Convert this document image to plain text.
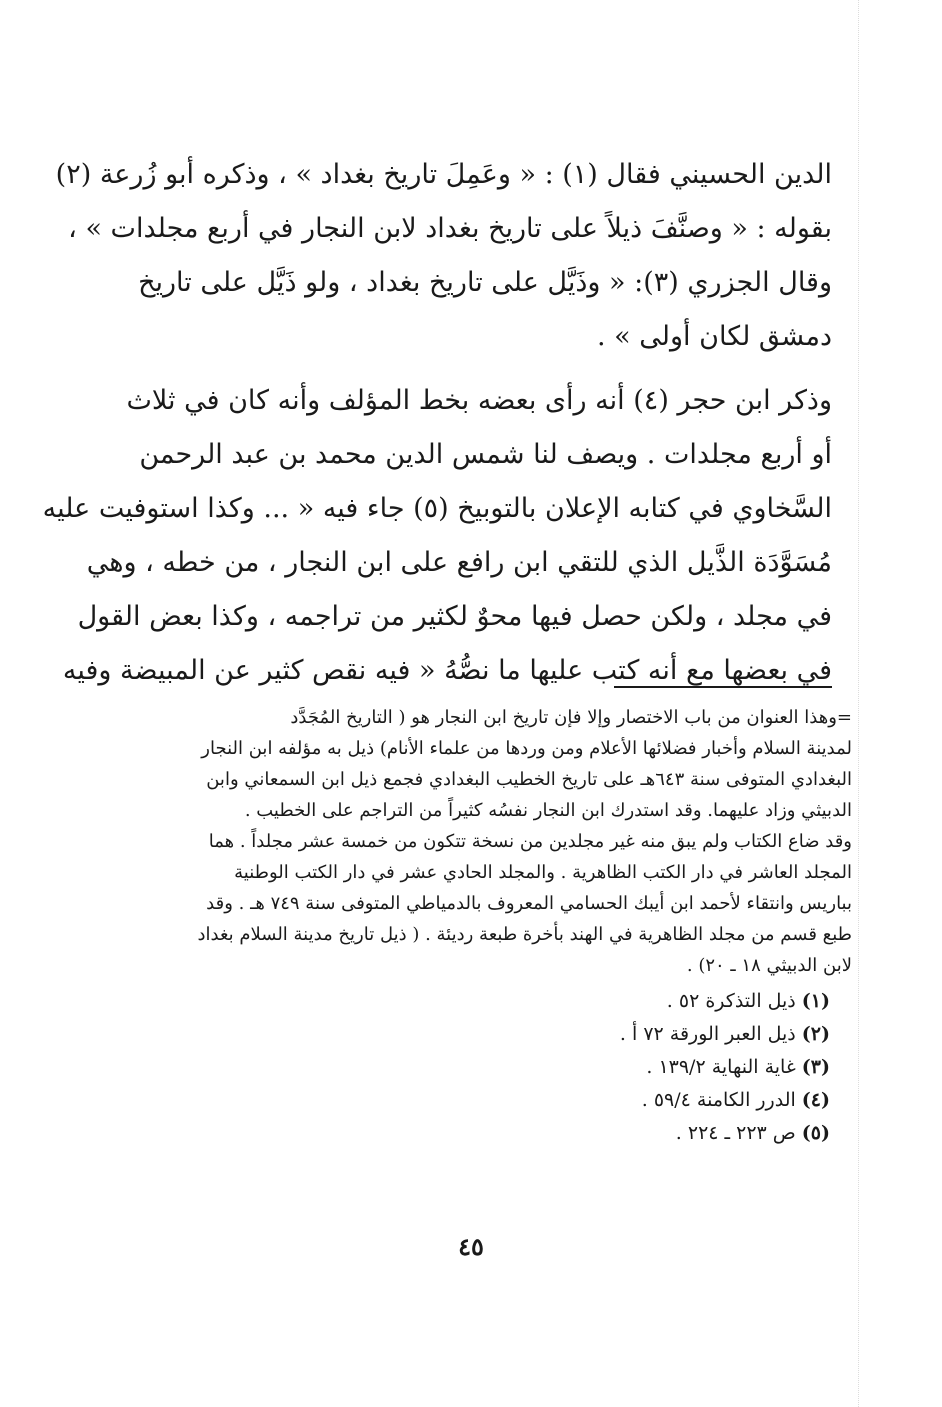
الدين الحسيني فقال (١) : « وعَمِلَ تاريخ بغداد » ، وذكره أبو زُرعة (٢)
بقوله : « وصنَّفَ ذيلاً على تاريخ بغداد لابن النجار في أربع مجلدات » ،
وقال الجزري (٣): « وذَيَّل على تاريخ بغداد ، ولو ذَيَّل على تاريخ
دمشق لكان أولى » .

وذكر ابن حجر (٤) أنه رأى بعضه بخط المؤلف وأنه كان في ثلاث
أو أربع مجلدات . ويصف لنا شمس الدين محمد بن عبد الرحمن
السَّخاوي في كتابه الإعلان بالتوبيخ (٥) جاء فيه « ... وكذا استوفيت عليه
مُسَوَّدَة الذَّيل الذي للتقي ابن رافع على ابن النجار ، من خطه ، وهي
في مجلد ، ولكن حصل فيها محوٌ لكثير من تراجمه ، وكذا بعض القول
في بعضها مع أنه كتب عليها ما نصُّهُ « فيه نقص كثير عن المبيضة وفيه

=وهذا العنوان من باب الاختصار وإلا فإن تاريخ ابن النجار هو ( التاريخ المُجَدَّد
لمدينة السلام وأخبار فضلائها الأعلام ومن وردها من علماء الأنام) ذيل به مؤلفه ابن النجار
البغدادي المتوفى سنة ٦٤٣هـ على تاريخ الخطيب البغدادي فجمع ذيل ابن السمعاني وابن
الدبيثي وزاد عليهما. وقد استدرك ابن النجار نفسُه كثيراً من التراجم على الخطيب .
وقد ضاع الكتاب ولم يبق منه غير مجلدين من نسخة تتكون من خمسة عشر مجلداً . هما
المجلد العاشر في دار الكتب الظاهرية . والمجلد الحادي عشر في دار الكتب الوطنية
بباريس وانتقاء لأحمد ابن أيبك الحسامي المعروف بالدمياطي المتوفى سنة ٧٤٩ هـ . وقد
طبع قسم من مجلد الظاهرية في الهند بأخرة طبعة رديئة . ( ذيل تاريخ مدينة السلام بغداد
لابن الدبيثي ١٨ ـ ٢٠) .
(١)ذيل التذكرة ٥٢ .
(٢)ذيل العبر الورقة ٧٢ أ .
(٣)غاية النهاية ١٣٩/٢ .
(٤)الدرر الكامنة ٥٩/٤ .
(٥)ص ٢٢٣ ـ ٢٢٤ .
٤٥
